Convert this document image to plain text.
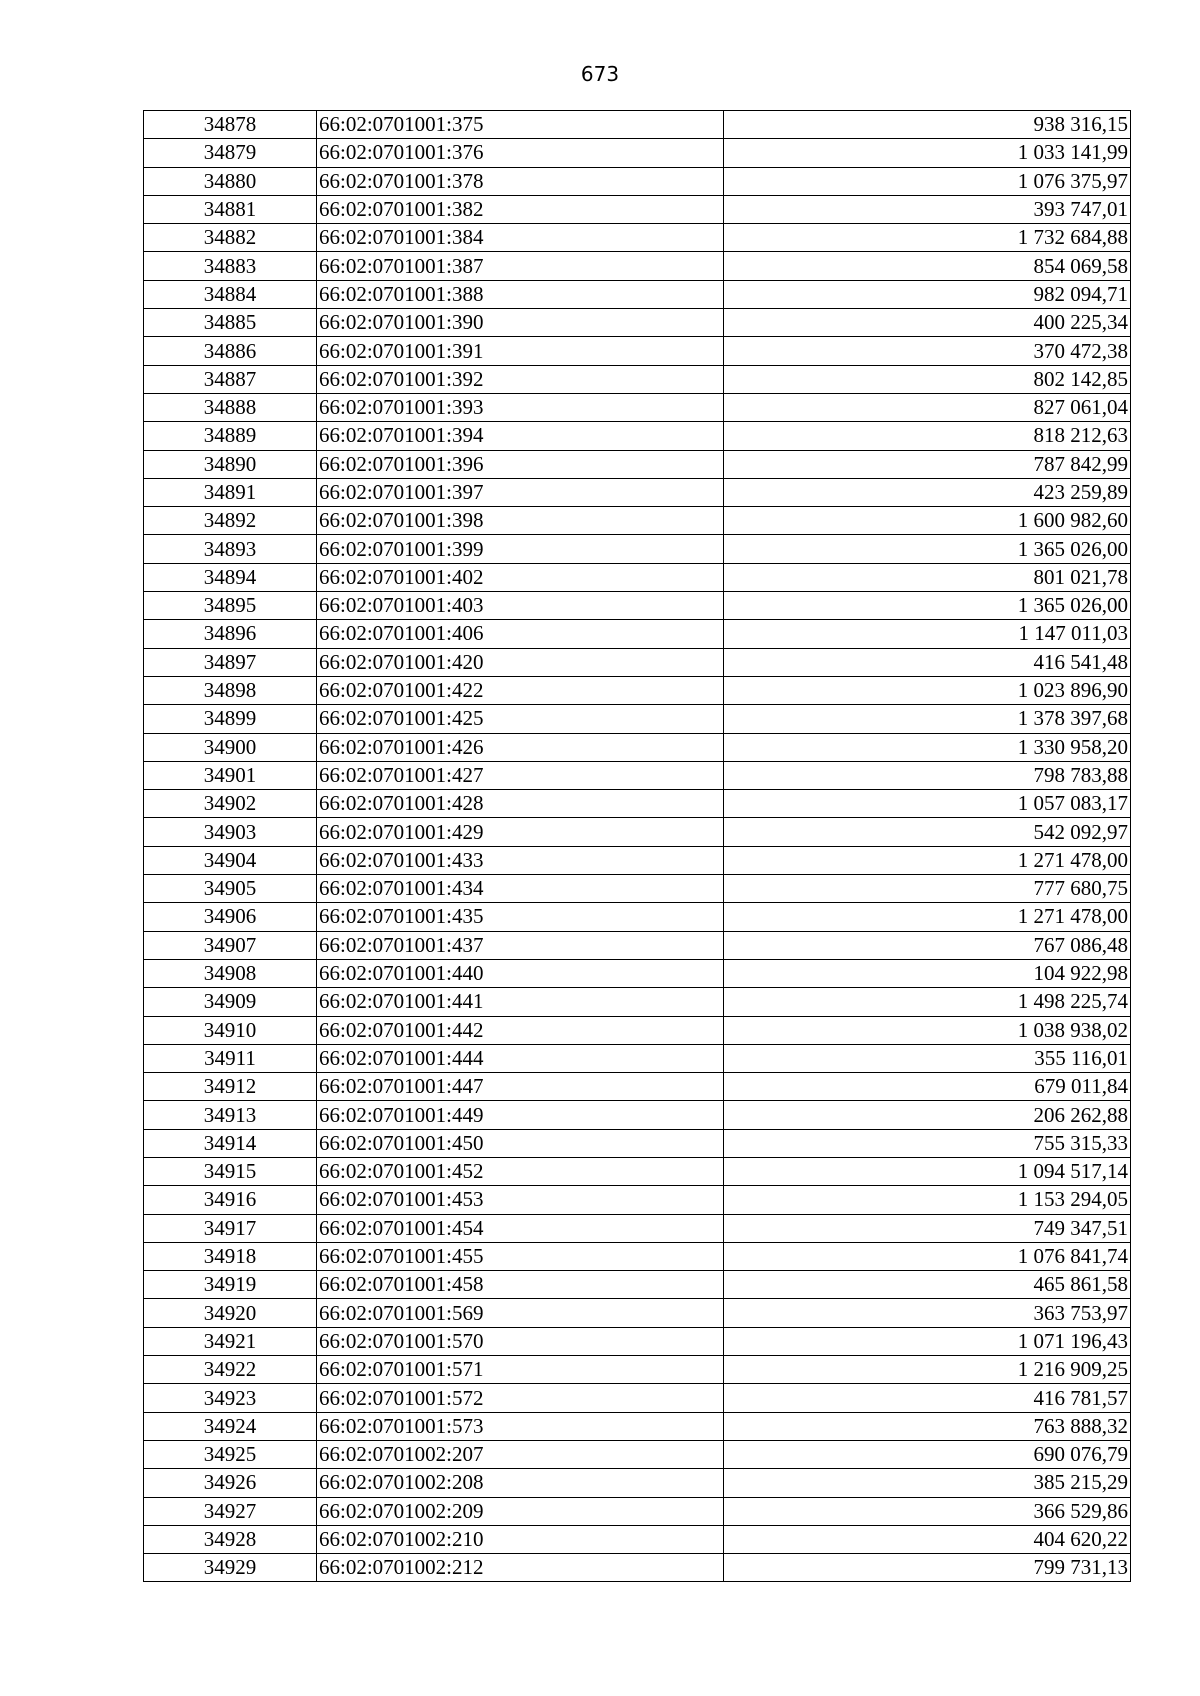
673
34878	66:02:0701001:375	938 316,15
34879	66:02:0701001:376	1 033 141,99
34880	66:02:0701001:378	1 076 375,97
34881	66:02:0701001:382	393 747,01
34882	66:02:0701001:384	1 732 684,88
34883	66:02:0701001:387	854 069,58
34884	66:02:0701001:388	982 094,71
34885	66:02:0701001:390	400 225,34
34886	66:02:0701001:391	370 472,38
34887	66:02:0701001:392	802 142,85
34888	66:02:0701001:393	827 061,04
34889	66:02:0701001:394	818 212,63
34890	66:02:0701001:396	787 842,99
34891	66:02:0701001:397	423 259,89
34892	66:02:0701001:398	1 600 982,60
34893	66:02:0701001:399	1 365 026,00
34894	66:02:0701001:402	801 021,78
34895	66:02:0701001:403	1 365 026,00
34896	66:02:0701001:406	1 147 011,03
34897	66:02:0701001:420	416 541,48
34898	66:02:0701001:422	1 023 896,90
34899	66:02:0701001:425	1 378 397,68
34900	66:02:0701001:426	1 330 958,20
34901	66:02:0701001:427	798 783,88
34902	66:02:0701001:428	1 057 083,17
34903	66:02:0701001:429	542 092,97
34904	66:02:0701001:433	1 271 478,00
34905	66:02:0701001:434	777 680,75
34906	66:02:0701001:435	1 271 478,00
34907	66:02:0701001:437	767 086,48
34908	66:02:0701001:440	104 922,98
34909	66:02:0701001:441	1 498 225,74
34910	66:02:0701001:442	1 038 938,02
34911	66:02:0701001:444	355 116,01
34912	66:02:0701001:447	679 011,84
34913	66:02:0701001:449	206 262,88
34914	66:02:0701001:450	755 315,33
34915	66:02:0701001:452	1 094 517,14
34916	66:02:0701001:453	1 153 294,05
34917	66:02:0701001:454	749 347,51
34918	66:02:0701001:455	1 076 841,74
34919	66:02:0701001:458	465 861,58
34920	66:02:0701001:569	363 753,97
34921	66:02:0701001:570	1 071 196,43
34922	66:02:0701001:571	1 216 909,25
34923	66:02:0701001:572	416 781,57
34924	66:02:0701001:573	763 888,32
34925	66:02:0701002:207	690 076,79
34926	66:02:0701002:208	385 215,29
34927	66:02:0701002:209	366 529,86
34928	66:02:0701002:210	404 620,22
34929	66:02:0701002:212	799 731,13
